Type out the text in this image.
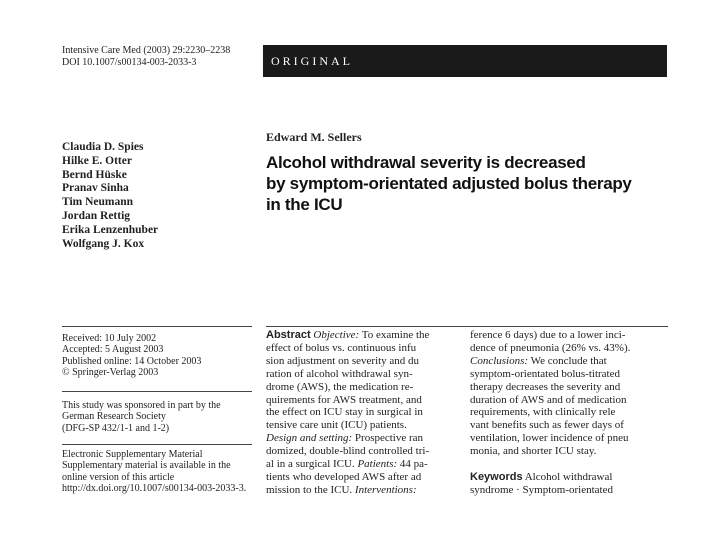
Intensive Care Med (2003) 29:2230–2238
DOI 10.1007/s00134-003-2033-3	ORIGINAL
Claudia D. Spies
Hilke E. Otter
Bernd Hüske
Pranav Sinha
Tim Neumann
Jordan Rettig
Erika Lenzenhuber
Wolfgang J. Kox
Edward M. Sellers
Alcohol withdrawal severity is decreased
by symptom-orientated adjusted bolus therapy
in the ICU
Received: 10 July 2002
Accepted: 5 August 2003
Published online: 14 October 2003
© Springer-Verlag 2003
This study was sponsored in part by the
German Research Society
(DFG-SP 432/1-1 and 1-2)
Electronic Supplementary Material
Supplementary material is available in the
online version of this article
http://dx.doi.org/10.1007/s00134-003-2033-3.
Abstract Objective: To examine the
effect of bolus vs. continuous infu
sion adjustment on severity and du
ration of alcohol withdrawal syn-
drome (AWS), the medication re-
quirements for AWS treatment, and
the effect on ICU stay in surgical in
tensive care unit (ICU) patients.
Design and setting: Prospective ran
domized, double-blind controlled tri-
al in a surgical ICU. Patients: 44 pa-
tients who developed AWS after ad
mission to the ICU. Interventions:
ference 6 days) due to a lower inci-
dence of pneumonia (26% vs. 43%).
Conclusions: We conclude that
symptom-orientated bolus-titrated
therapy decreases the severity and
duration of AWS and of medication
requirements, with clinically rele
vant benefits such as fewer days of
ventilation, lower incidence of pneu
monia, and shorter ICU stay.
Keywords Alcohol withdrawal
syndrome · Symptom-orientated
